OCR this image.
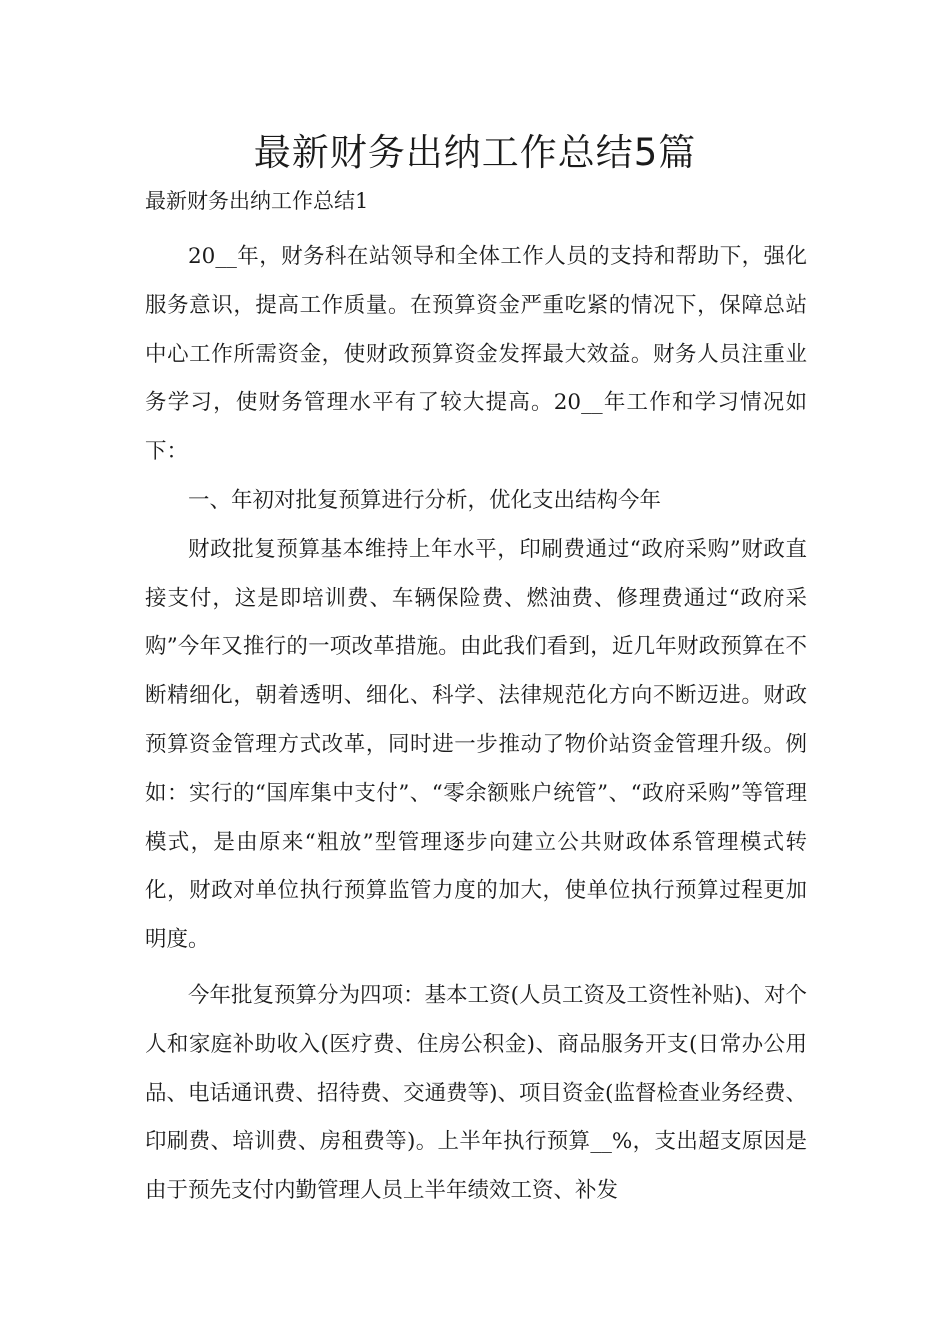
最新财务出纳工作总结5篇
最新财务出纳工作总结1

20__年，财务科在站领导和全体工作人员的支持和帮助下，强化服务意识，提高工作质量。在预算资金严重吃紧的情况下，保障总站中心工作所需资金，使财政预算资金发挥最大效益。财务人员注重业务学习，使财务管理水平有了较大提高。20__年工作和学习情况如下：

一、年初对批复预算进行分析，优化支出结构今年

财政批复预算基本维持上年水平，印刷费通过“政府采购”财政直接支付，这是即培训费、车辆保险费、燃油费、修理费通过“政府采购”今年又推行的一项改革措施。由此我们看到，近几年财政预算在不断精细化，朝着透明、细化、科学、法律规范化方向不断迈进。财政预算资金管理方式改革，同时进一步推动了物价站资金管理升级。例如：实行的“国库集中支付”、“零余额账户统管”、“政府采购”等管理模式，是由原来“粗放”型管理逐步向建立公共财政体系管理模式转化，财政对单位执行预算监管力度的加大，使单位执行预算过程更加明度。

今年批复预算分为四项：基本工资(人员工资及工资性补贴)、对个人和家庭补助收入(医疗费、住房公积金)、商品服务开支(日常办公用品、电话通讯费、招待费、交通费等)、项目资金(监督检查业务经费、印刷费、培训费、房租费等)。上半年执行预算__%，支出超支原因是由于预先支付内勤管理人员上半年绩效工资、补发
